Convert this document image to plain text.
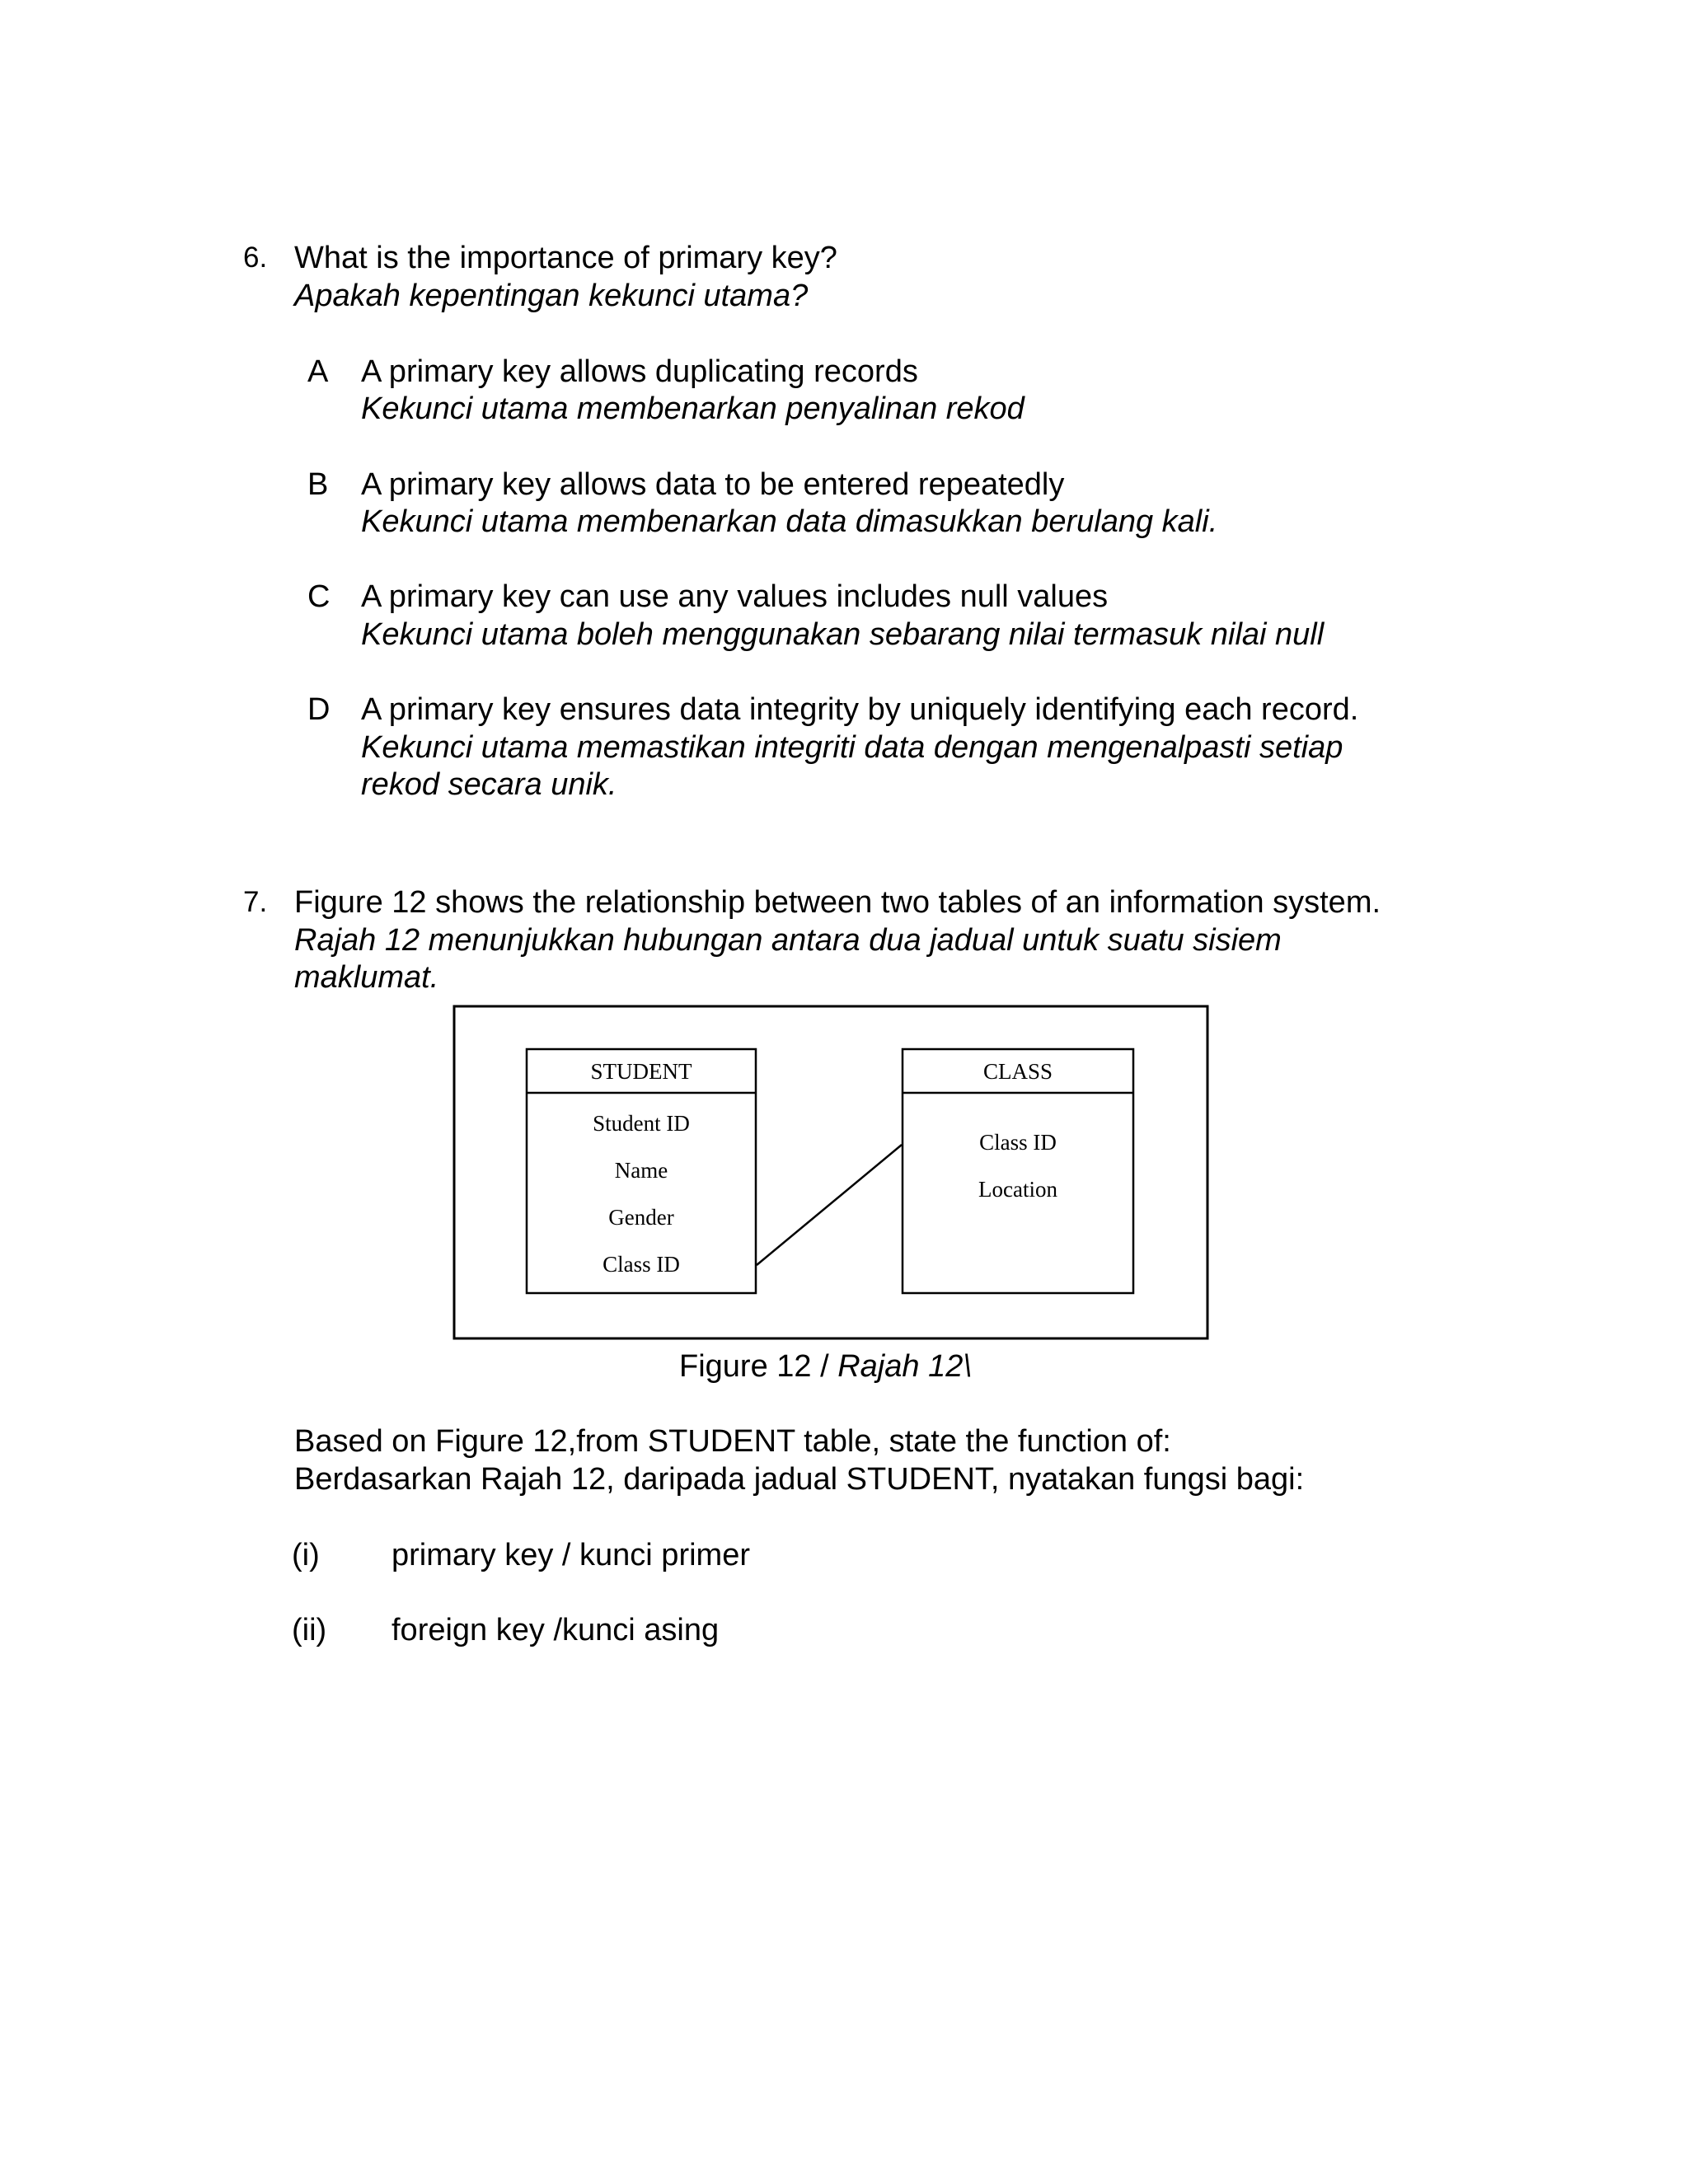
6. What is the importance of primary key?
Apakah kepentingan kekunci utama?
A A primary key allows duplicating records
Kekunci utama membenarkan penyalinan rekod
B A primary key allows data to be entered repeatedly
Kekunci utama membenarkan data dimasukkan berulang kali.
C A primary key can use any values includes null values
Kekunci utama boleh menggunakan sebarang nilai termasuk nilai null
D A primary key ensures data integrity by uniquely identifying each record.
Kekunci utama memastikan integriti data dengan mengenalpasti setiap
rekod secara unik.
7. Figure 12 shows the relationship between two tables of an information system.
Rajah 12 menunjukkan hubungan antara dua jadual untuk suatu sisiem
maklumat.
STUDENT
Student ID
Name
Gender
Class ID
CLASS
Class ID
Location
Figure 12 / Rajah 12\
Based on Figure 12,from STUDENT table, state the function of:
Berdasarkan Rajah 12, daripada jadual STUDENT, nyatakan fungsi bagi:
(i) primary key / kunci primer
(ii) foreign key /kunci asing
